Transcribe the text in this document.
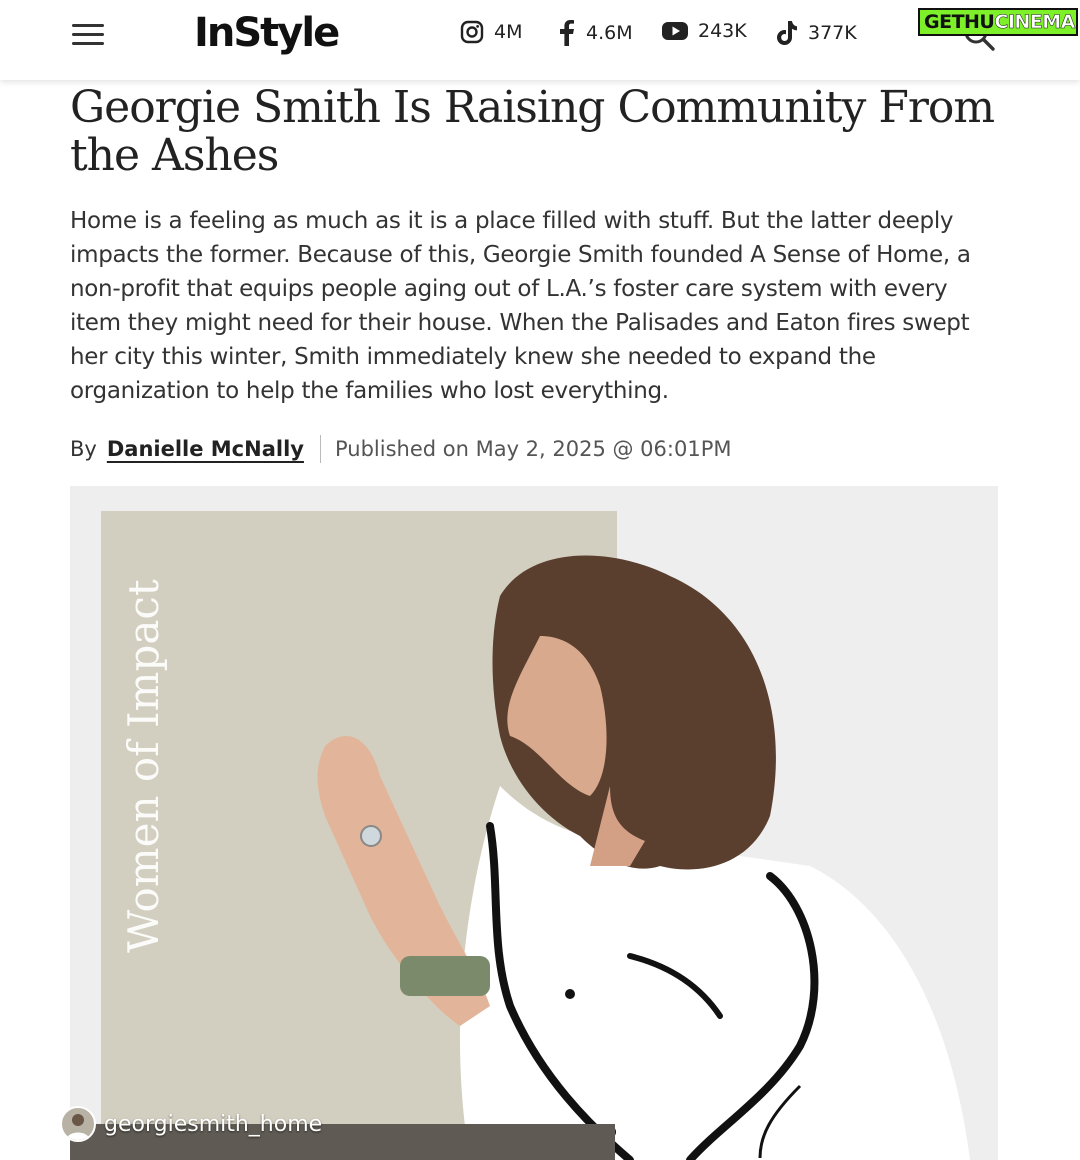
InStyle	4M	4.6M	243K	377K	GETHU CINEMA
Georgie Smith Is Raising Community From the Ashes

Home is a feeling as much as it is a place filled with stuff. But the latter deeply impacts the former. Because of this, Georgie Smith founded A Sense of Home, a non-profit that equips people aging out of L.A.’s foster care system with every item they might need for their house. When the Palisades and Eaton fires swept her city this winter, Smith immediately knew she needed to expand the organization to help the families who lost everything.

By Danielle McNally Published on May 2, 2025 @ 06:01PM
Women of Impact
georgiesmith_home
